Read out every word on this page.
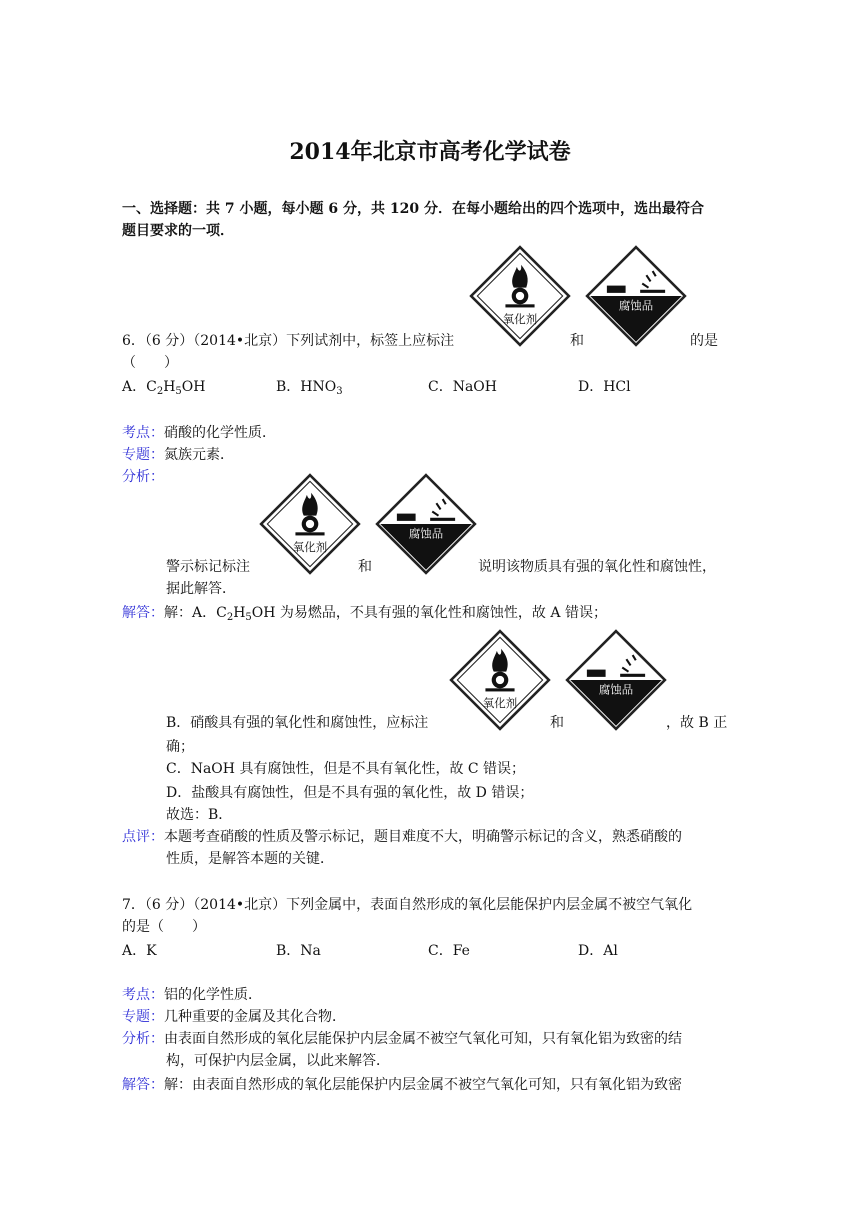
2014年北京市高考化学试卷
一、选择题：共 7 小题，每小题 6 分，共 120 分．在每小题给出的四个选项中，选出最符合
题目要求的一项．
氧化剂
腐蚀品
6．（6 分）（2014•北京）下列试剂中，标签上应标注	和	的是
（　　）
A．$C_2H_5OH$	B．$HNO_3$	C．NaOH	D．HCl
考点：硝酸的化学性质．
专题：氮族元素．
分析：
氧化剂
腐蚀品
警示标记标注	和	说明该物质具有强的氧化性和腐蚀性，
据此解答．
解答：解：A．$C_2H_5OH$ 为易燃品，不具有强的氧化性和腐蚀性，故 A 错误；
氧化剂
腐蚀品
B．硝酸具有强的氧化性和腐蚀性，应标注	和	，故 B 正
确；
C．NaOH 具有腐蚀性，但是不具有氧化性，故 C 错误；
D．盐酸具有腐蚀性，但是不具有强的氧化性，故 D 错误；
故选：B．
点评：本题考查硝酸的性质及警示标记，题目难度不大，明确警示标记的含义，熟悉硝酸的
性质，是解答本题的关键．
7．（6 分）（2014•北京）下列金属中，表面自然形成的氧化层能保护内层金属不被空气氧化
的是（　　）
A．K	B．Na	C．Fe	D．Al
考点：铝的化学性质．
专题：几种重要的金属及其化合物．
分析：由表面自然形成的氧化层能保护内层金属不被空气氧化可知，只有氧化铝为致密的结
构，可保护内层金属，以此来解答．
解答：解：由表面自然形成的氧化层能保护内层金属不被空气氧化可知，只有氧化铝为致密
